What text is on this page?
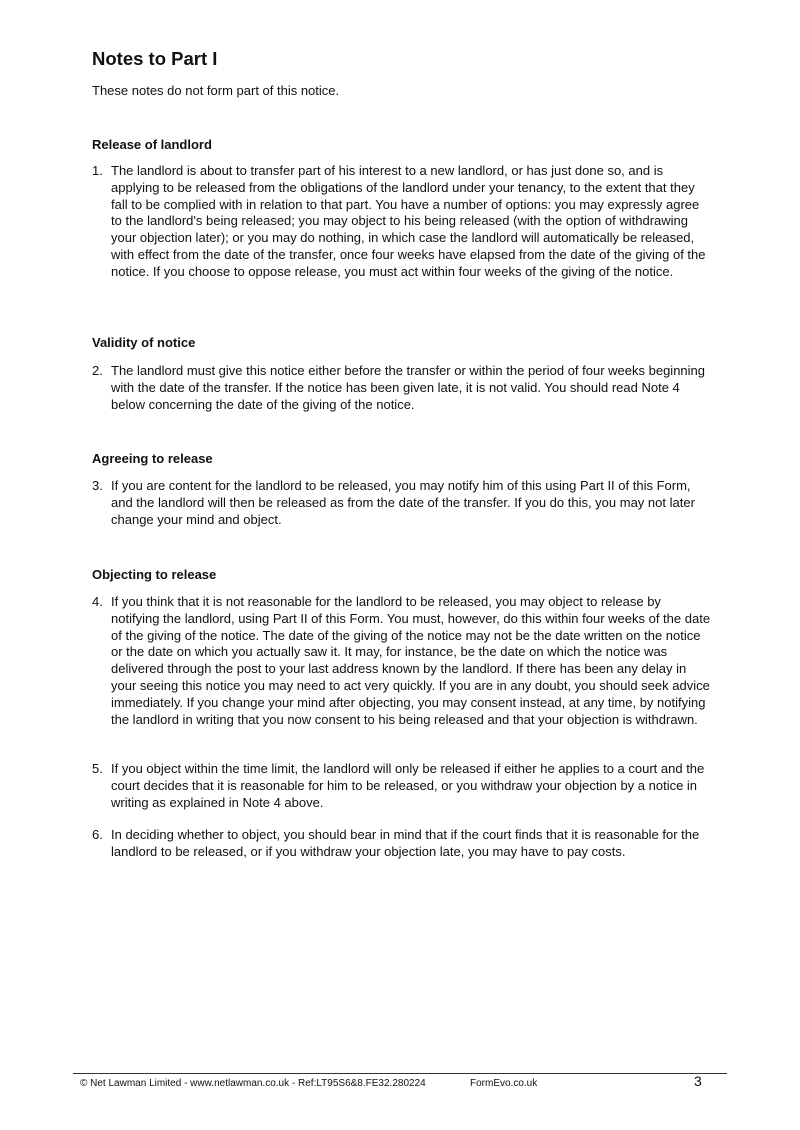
Notes to Part I

These notes do not form part of this notice.

Release of landlord
1. The landlord is about to transfer part of his interest to a new landlord, or has just done so, and is applying to be released from the obligations of the landlord under your tenancy, to the extent that they fall to be complied with in relation to that part. You have a number of options: you may expressly agree to the landlord's being released; you may object to his being released (with the option of withdrawing your objection later); or you may do nothing, in which case the landlord will automatically be released, with effect from the date of the transfer, once four weeks have elapsed from the date of the giving of the notice. If you choose to oppose release, you must act within four weeks of the giving of the notice.

Validity of notice
2. The landlord must give this notice either before the transfer or within the period of four weeks beginning with the date of the transfer. If the notice has been given late, it is not valid. You should read Note 4 below concerning the date of the giving of the notice.

Agreeing to release
3. If you are content for the landlord to be released, you may notify him of this using Part II of this Form, and the landlord will then be released as from the date of the transfer. If you do this, you may not later change your mind and object.

Objecting to release
4. If you think that it is not reasonable for the landlord to be released, you may object to release by notifying the landlord, using Part II of this Form. You must, however, do this within four weeks of the date of the giving of the notice. The date of the giving of the notice may not be the date written on the notice or the date on which you actually saw it. It may, for instance, be the date on which the notice was delivered through the post to your last address known by the landlord. If there has been any delay in your seeing this notice you may need to act very quickly. If you are in any doubt, you should seek advice immediately. If you change your mind after objecting, you may consent instead, at any time, by notifying the landlord in writing that you now consent to his being released and that your objection is withdrawn.

5. If you object within the time limit, the landlord will only be released if either he applies to a court and the court decides that it is reasonable for him to be released, or you withdraw your objection by a notice in writing as explained in Note 4 above.

6. In deciding whether to object, you should bear in mind that if the court finds that it is reasonable for the landlord to be released, or if you withdraw your objection late, you may have to pay costs.

© Net Lawman Limited - www.netlawman.co.uk - Ref:LT95S6&8.FE32.280224	FormEvo.co.uk	3
